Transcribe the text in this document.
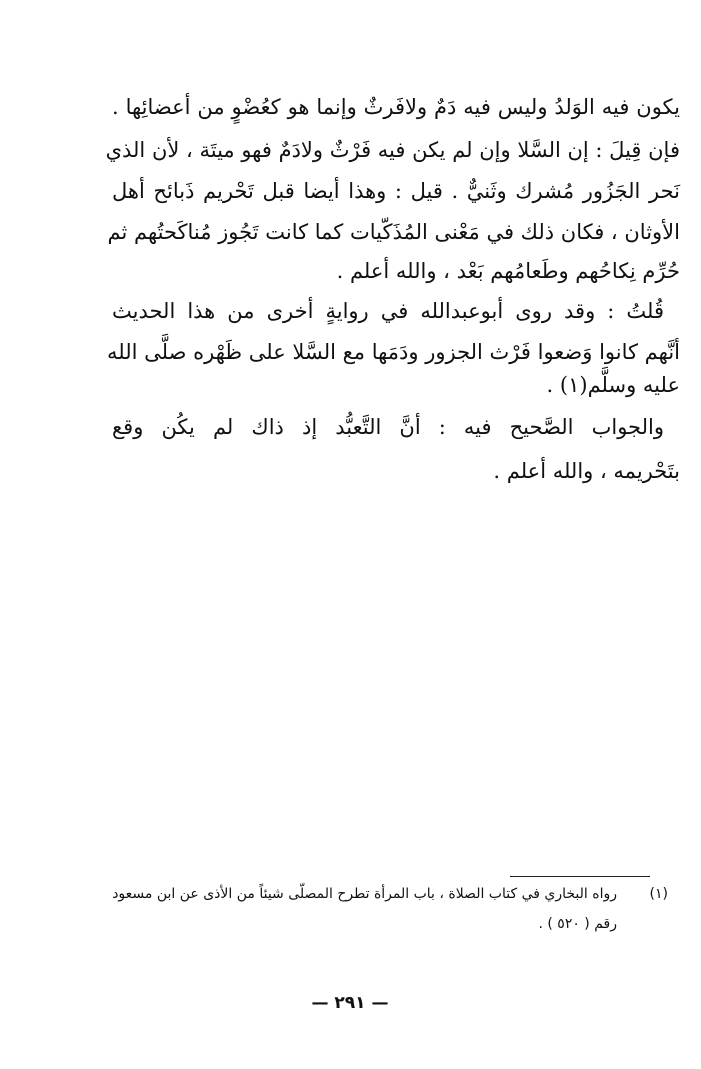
يكون فيه الوَلدُ وليس فيه دَمٌ ولافَرثٌ وإنما هو كعُضْوٍ من أعضائِها .
فإن قِيلَ : إن السَّلا وإن لم يكن فيه فَرْثٌ ولادَمٌ فهو ميتَة ، لأن الذي
نَحر الجَزُور مُشرك وثَنيٌّ . قيل : وهذا أيضا قبل تَحْريم ذَبائح أهل
الأوثان ، فكان ذلك في مَعْنى المُذَكّيات كما كانت تَجُوز مُناكَحتُهم ثم
حُرِّم نِكاحُهم وطَعامُهم بَعْد ، والله أعلم .
قُلتُ : وقد روى أبوعبدالله في روايةٍ أخرى من هذا الحديث
أنَّهم كانوا وَضعوا فَرْث الجزور ودَمَها مع السَّلا على ظَهْره صلَّى الله
عليه وسلَّم(١) .
والجواب الصَّحيح فيه : أنَّ التَّعبُّد إذ ذاك لم يكُن وقع
بتَحْريمه ، والله أعلم .
(١)
رواه البخاري في كتاب الصلاة ، باب المرأة تطرح المصلّى شيئاً من الأذى عن ابن مسعود
رقم ( ٥٢٠ ) .
— ٢٩١ —
